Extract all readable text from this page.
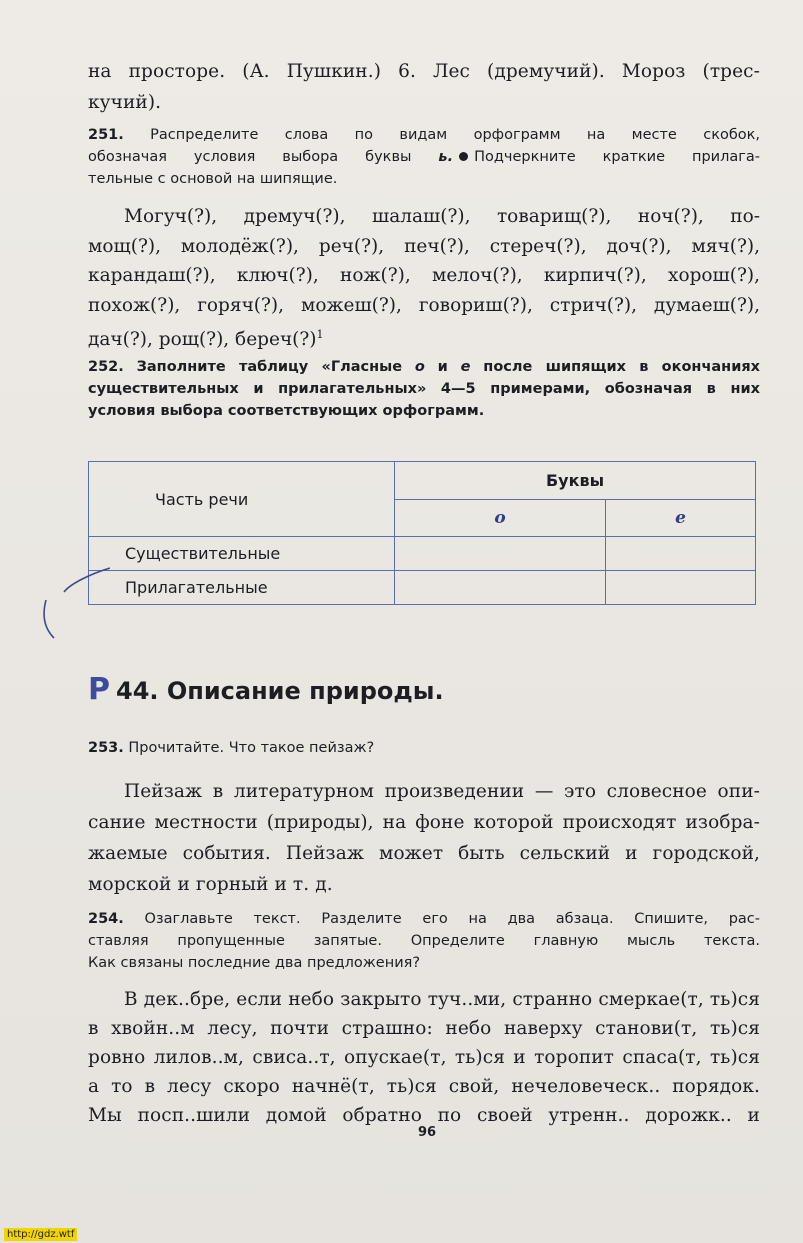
на просторе. (А. Пушкин.) 6. Лес (дремучий). Мороз (трес-
кучий).
251. Распределите слова по видам орфограмм на месте скобок,
обозначая условия выбора буквы ь. Подчеркните краткие прилага-
тельные с основой на шипящие.
Могуч(?), дремуч(?), шалаш(?), товарищ(?), ноч(?), по-
мощ(?), молодёж(?), реч(?), печ(?), стереч(?), доч(?), мяч(?),
карандаш(?), ключ(?), нож(?), мелоч(?), кирпич(?), хорош(?),
похож(?), горяч(?), можеш(?), говориш(?), стрич(?), думаеш(?),
дач(?), рощ(?), береч(?)$^1$
252. Заполните таблицу «Гласные о и е после шипящих в окончаниях
существительных и прилагательных» 4—5 примерами, обозначая в них
условия выбора соответствующих орфограмм.
Часть речи	Буквы	
	о	е
Существительные		
Прилагательные		
Р 44. Описание природы.
253. Прочитайте. Что такое пейзаж?
Пейзаж в литературном произведении — это словесное опи-
сание местности (природы), на фоне которой происходят изобра-
жаемые события. Пейзаж может быть сельский и городской,
морской и горный и т. д.
254. Озаглавьте текст. Разделите его на два абзаца. Спишите, рас-
ставляя пропущенные запятые. Определите главную мысль текста.
Как связаны последние два предложения?
В дек..бре, если небо закрыто туч..ми, странно смеркае(т, ть)ся
в хвойн..м лесу, почти страшно: небо наверху станови(т, ть)ся
ровно лилов..м, свиса..т, опускае(т, ть)ся и торопит спаса(т, ть)ся
а то в лесу скоро начнё(т, ть)ся свой, нечеловеческ.. порядок.
Мы посп..шили домой обратно по своей утренн.. дорожк.. и
96
http://gdz.wtf
